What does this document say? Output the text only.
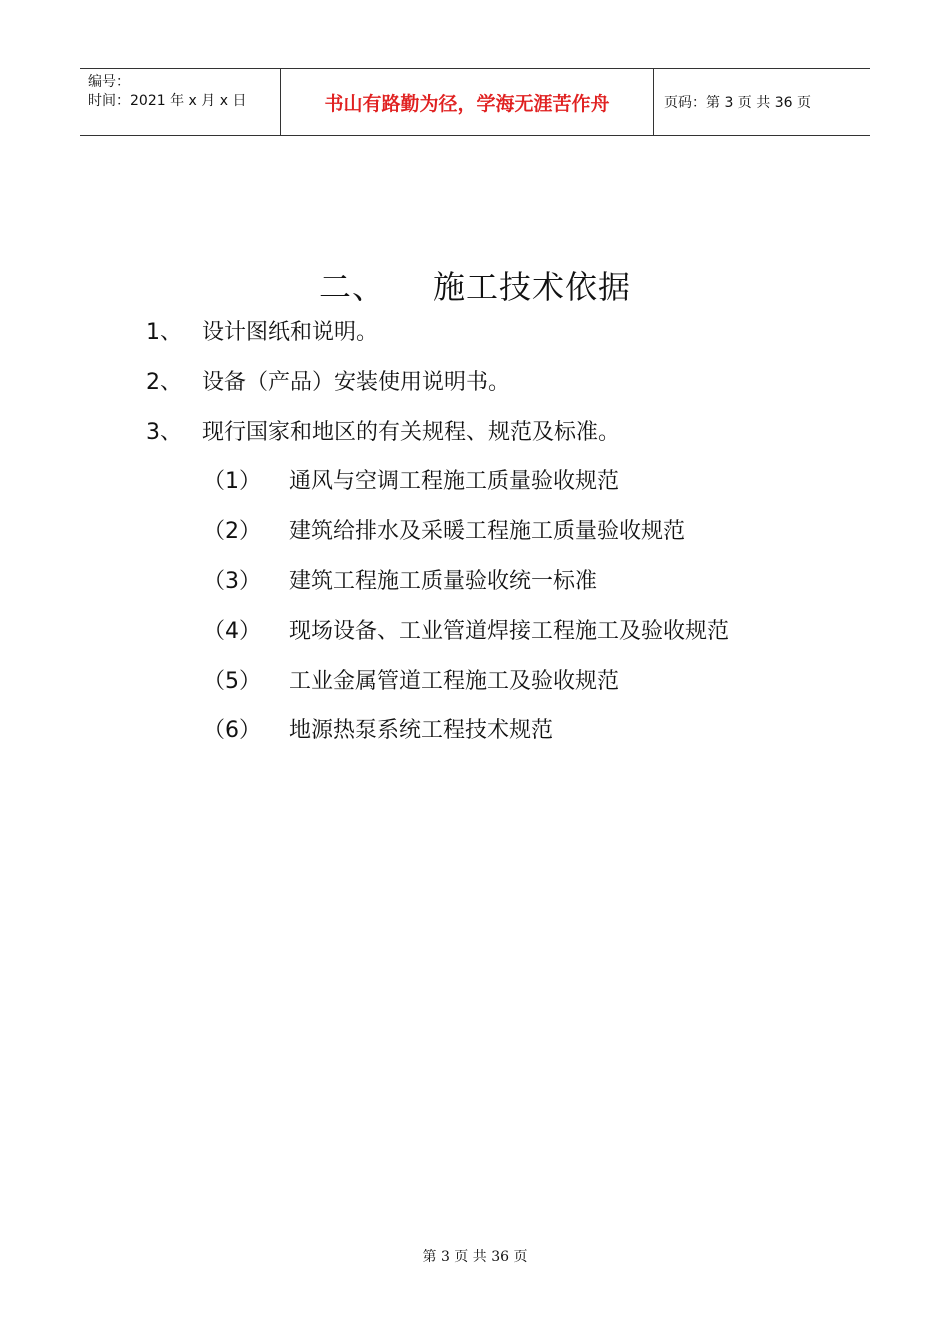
编号：
时间：2021 年 x 月 x 日	书山有路勤为径，学海无涯苦作舟	页码：第 3 页 共 36 页
二、 施工技术依据
1、 设计图纸和说明。
2、 设备（产品）安装使用说明书。
3、 现行国家和地区的有关规程、规范及标准。
（1） 通风与空调工程施工质量验收规范
（2） 建筑给排水及采暖工程施工质量验收规范
（3） 建筑工程施工质量验收统一标准
（4） 现场设备、工业管道焊接工程施工及验收规范
（5） 工业金属管道工程施工及验收规范
（6） 地源热泵系统工程技术规范
第 3 页 共 36 页
